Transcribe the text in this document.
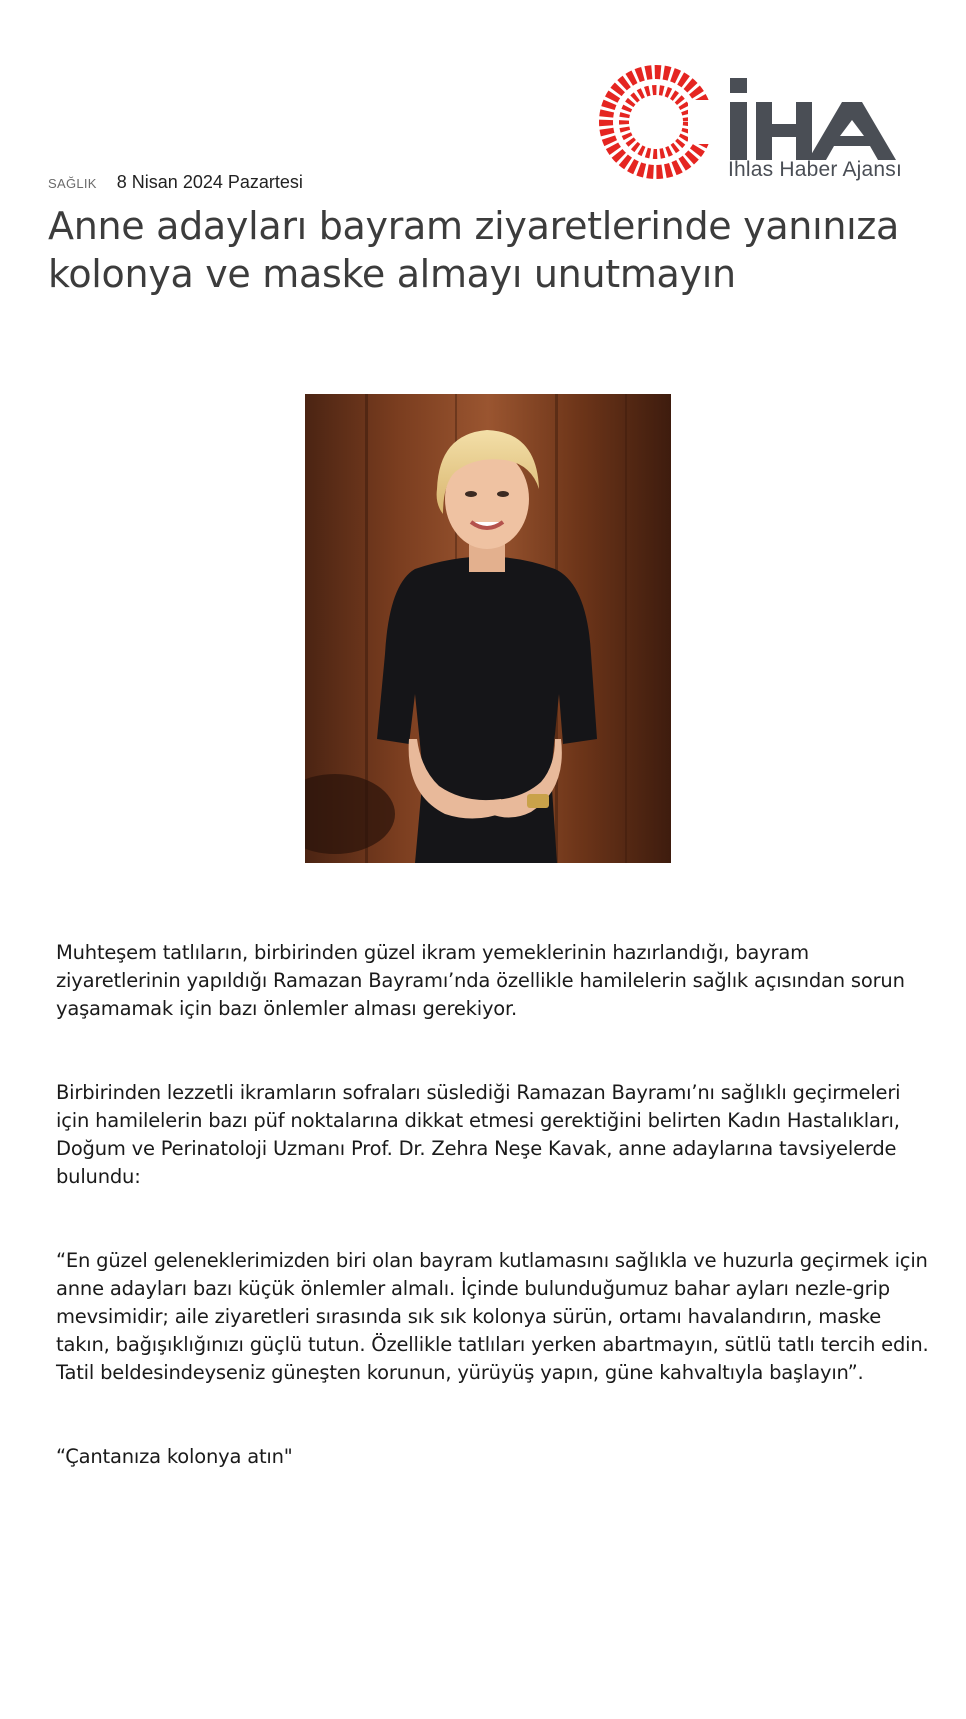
İhlas Haber Ajansı
SAĞLIK 8 Nisan 2024 Pazartesi
Anne adayları bayram ziyaretlerinde yanınıza kolonya ve maske almayı unutmayın

Muhteşem tatlıların, birbirinden güzel ikram yemeklerinin hazırlandığı, bayram ziyaretlerinin yapıldığı Ramazan Bayramı’nda özellikle hamilelerin sağlık açısından sorun yaşamamak için bazı önlemler alması gerekiyor.

Birbirinden lezzetli ikramların sofraları süslediği Ramazan Bayramı’nı sağlıklı geçirmeleri için hamilelerin bazı püf noktalarına dikkat etmesi gerektiğini belirten Kadın Hastalıkları, Doğum ve Perinatoloji Uzmanı Prof. Dr. Zehra Neşe Kavak, anne adaylarına tavsiyelerde bulundu:

“En güzel geleneklerimizden biri olan bayram kutlamasını sağlıkla ve huzurla geçirmek için anne adayları bazı küçük önlemler almalı. İçinde bulunduğumuz bahar ayları nezle-grip mevsimidir; aile ziyaretleri sırasında sık sık kolonya sürün, ortamı havalandırın, maske takın, bağışıklığınızı güçlü tutun. Özellikle tatlıları yerken abartmayın, sütlü tatlı tercih edin. Tatil beldesindeyseniz güneşten korunun, yürüyüş yapın, güne kahvaltıyla başlayın”.

“Çantanıza kolonya atın"
